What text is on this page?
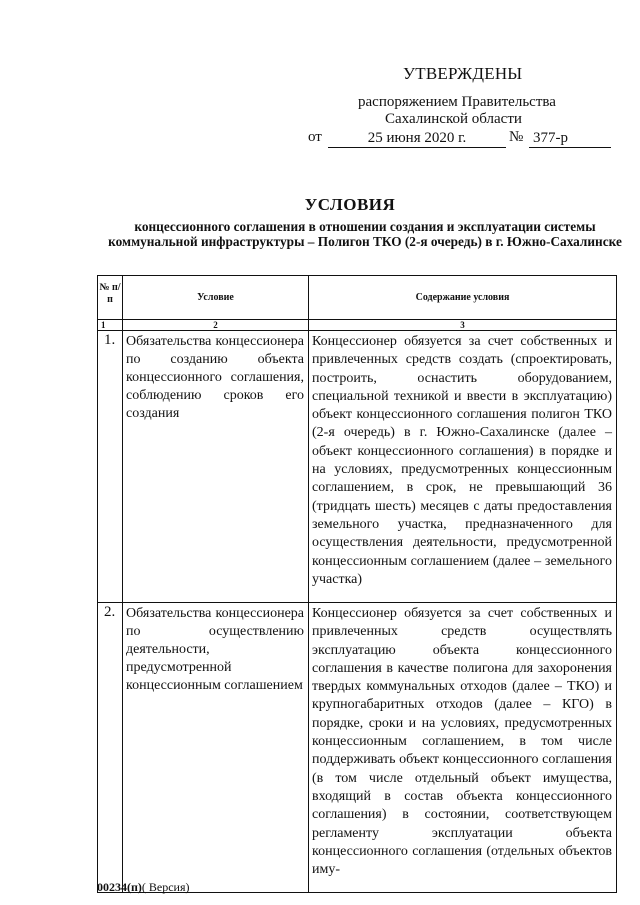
УТВЕРЖДЕНЫ
распоряжением Правительства
Сахалинской области
от	25 июня 2020 г.	№ 377-р
УСЛОВИЯ
концессионного соглашения в отношении создания и эксплуатации системы коммунальной инфраструктуры – Полигон ТКО (2-я очередь) в г. Южно-Сахалинске
№ п/п	Условие	Содержание условия
1	2	3
1.	Обязательства концессионера по созданию объекта концессионного соглашения, соблюдению сроков его создания	Концессионер обязуется за счет собственных и привлеченных средств создать (спроектировать, построить, оснастить оборудованием, специальной техникой и ввести в эксплуатацию) объект концессионного соглашения полигон ТКО (2-я очередь) в г. Южно-Сахалинске (далее – объект концессионного соглашения) в порядке и на условиях, предусмотренных концессионным соглашением, в срок, не превышающий 36 (тридцать шесть) месяцев с даты предоставления земельного участка, предназначенного для осуществления деятельности, предусмотренной концессионным соглашением (далее – земельного участка)
2.	Обязательства концессионера по осуществлению деятельности, предусмотренной концессионным соглашением	Концессионер обязуется за счет собственных и привлеченных средств осуществлять эксплуатацию объекта концессионного соглашения в качестве полигона для захоронения твердых коммунальных отходов (далее – ТКО) и крупногабаритных отходов (далее – КГО) в порядке, сроки и на условиях, предусмотренных концессионным соглашением, в том числе поддерживать объект концессионного соглашения (в том числе отдельный объект имущества, входящий в состав объекта концессионного соглашения) в состоянии, соответствующем регламенту эксплуатации объекта концессионного соглашения (отдельных объектов иму-
00234(п)( Версия)
